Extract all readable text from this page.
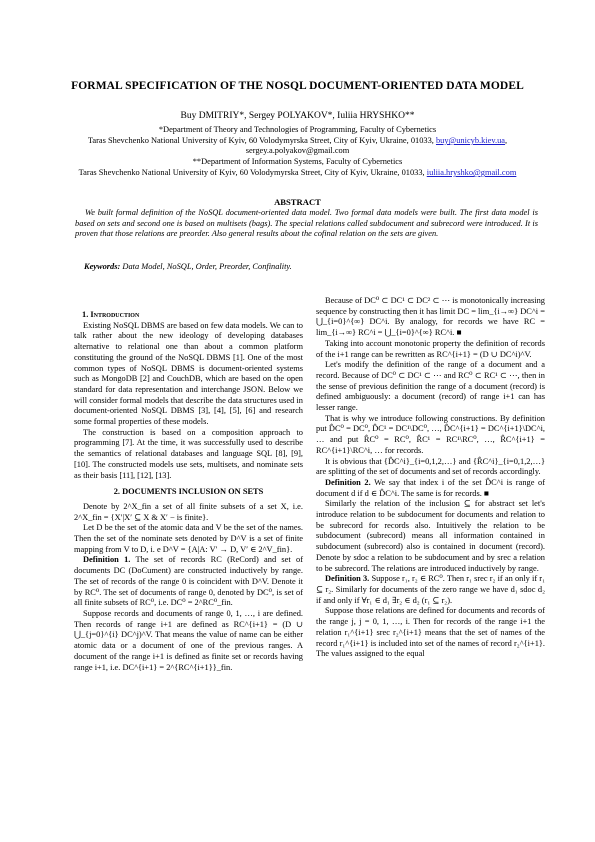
FORMAL SPECIFICATION OF THE NOSQL DOCUMENT-ORIENTED DATA MODEL
Buy DMITRIY*, Sergey POLYAKOV*, Iuliia HRYSHKO**
*Department of Theory and Technologies of Programming, Faculty of Cybernetics
Taras Shevchenko National University of Kyiv, 60 Volodymyrska Street, City of Kyiv, Ukraine, 01033, buy@unicyb.kiev.ua,
sergey.a.polyakov@gmail.com
**Department of Information Systems, Faculty of Cybernetics
Taras Shevchenko National University of Kyiv, 60 Volodymyrska Street, City of Kyiv, Ukraine, 01033, iuliia.hryshko@gmail.com
ABSTRACT

We built formal definition of the NoSQL document-oriented data model. Two formal data models were built. The first data model is based on sets and second one is based on multisets (bags). The special relations called subdocument and subrecord were introduced. It is proven that those relations are preorder. Also general results about the cofinal relation on the sets are given.

Keywords: Data Model, NoSQL, Order, Preorder, Confinality.
1. Introduction

Existing NoSQL DBMS are based on few data models. We can to talk rather about the new ideology of developing databases alternative to relational one than about a common platform constituting the ground of the NoSQL DBMS [1]. One of the most common types of NoSQL DBMS is document-oriented systems such as MongoDB [2] and CouchDB, which are based on the open standard for data representation and interchange JSON. Below we will consider formal models that describe the data structures used in document-oriented NoSQL DBMS [3], [4], [5], [6] and research some formal properties of these models.

The construction is based on a composition approach to programming [7]. At the time, it was successfully used to describe the semantics of relational databases and language SQL [8], [9], [10]. The constructed models use sets, multisets, and nominate sets as their basis [11], [12], [13].

2. DOCUMENTS INCLUSION ON SETS

Denote by 2^X_fin a set of all finite subsets of a set X, i.e. 2^X_fin = {X′|X′ ⊆ X & X′ − is finite}.

Let D be the set of the atomic data and V be the set of the names. Then the set of the nominate sets denoted by D^V is a set of finite mapping from V to D, i. e D^V = {A|A: V′ → D, V′ ∈ 2^V_fin}.

Definition 1. The set of records RC (ReCord) and set of documents DC (DoCument) are constructed inductively by range. The set of records of the range 0 is coincident with D^V. Denote it by RC⁰. The set of documents of range 0, denoted by DC⁰, is set of all finite subsets of RC⁰, i.e. DC⁰ = 2^RC⁰_fin.

Suppose records and documents of range 0, 1, …, i are defined. Then records of range i+1 are defined as RC^{i+1} = (D ∪ ⋃_{j=0}^{i} DC^j)^V. That means the value of name can be either atomic data or a document of one of the previous ranges. A document of the range i+1 is defined as finite set or records having range i+1, i.e. DC^{i+1} = 2^{RC^{i+1}}_fin.

Because of DC⁰ ⊂ DC¹ ⊂ DC² ⊂ ⋯ is monotonically increasing sequence by constructing then it has limit DC = lim_{i→∞} DC^i = ⋃_{i=0}^{∞} DC^i. By analogy, for records we have RC = lim_{i→∞} RC^i = ⋃_{i=0}^{∞} RC^i. ■

Taking into account monotonic property the definition of records of the i+1 range can be rewritten as RC^{i+1} = (D ∪ DC^i)^V.

Let's modify the definition of the range of a document and a record. Because of DC⁰ ⊂ DC¹ ⊂ ⋯ and RC⁰ ⊂ RC¹ ⊂ ⋯, then in the sense of previous definition the range of a document (record) is defined ambiguously: a document (record) of range i+1 can has lesser range.

That is why we introduce following constructions. By definition put D̂C⁰ = DC⁰, D̂C¹ = DC¹\DC⁰, …, D̂C^{i+1} = DC^{i+1}\DC^i, … and put R̂C⁰ = RC⁰, R̂C¹ = RC¹\RC⁰, …, R̂C^{i+1} = RC^{i+1}\RC^i, … for records.

It is obvious that {D̂C^i}_{i=0,1,2,…} and {R̂C^i}_{i=0,1,2,…} are splitting of the set of documents and set of records accordingly.

Definition 2. We say that index i of the set D̂C^i is range of document d if d ∈ D̂C^i. The same is for records. ■

Similarly the relation of the inclusion ⊆ for abstract set let's introduce relation to be subdocument for documents and relation to be subrecord for records also. Intuitively the relation to be subdocument (subrecord) means all information contained in subdocument (subrecord) also is contained in document (record). Denote by sdoc a relation to be subdocument and by srec a relation to be subrecord. The relations are introduced inductively by range.

Definition 3. Suppose r₁, r₂ ∈ RC⁰. Then r₁ srec r₂ if an only if r₁ ⊆ r₂. Similarly for documents of the zero range we have d₁ sdoc d₂ if and only if ∀r₁ ∈ d₁ ∃r₂ ∈ d₂ (r₁ ⊆ r₂).

Suppose those relations are defined for documents and records of the range j, j = 0, 1, …, i. Then for records of the range i+1 the relation r₁^{i+1} srec r₂^{i+1} means that the set of names of the record r₁^{i+1} is included into set of the names of record r₂^{i+1}. The values assigned to the equal
